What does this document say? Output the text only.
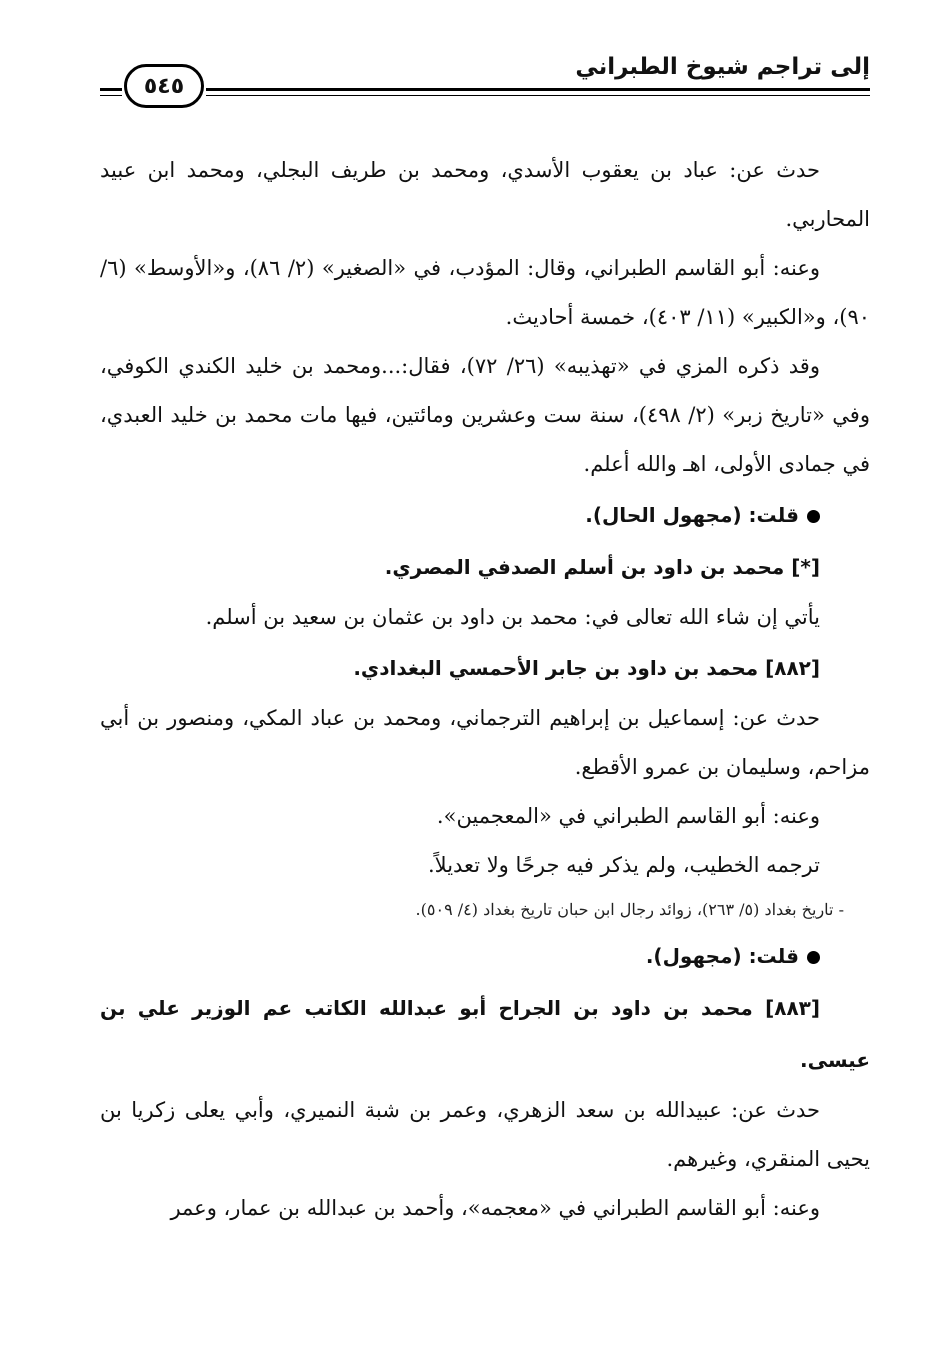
إلى تراجم شيوخ الطبراني
٥٤٥

حدث عن: عباد بن يعقوب الأسدي، ومحمد بن طريف البجلي، ومحمد ابن عبيد المحاربي.

وعنه: أبو القاسم الطبراني، وقال: المؤدب، في «الصغير» (٢/ ٨٦)، و«الأوسط» (٦/ ٩٠)، و«الكبير» (١١/ ٤٠٣)، خمسة أحاديث.

وقد ذكره المزي في «تهذيبه» (٢٦/ ٧٢)، فقال:...ومحمد بن خليد الكندي الكوفي، وفي «تاريخ زبر» (٢/ ٤٩٨)، سنة ست وعشرين ومائتين، فيها مات محمد بن خليد العبدي، في جمادى الأولى، اهـ والله أعلم.

قلت: (مجهول الحال).

[*] محمد بن داود بن أسلم الصدفي المصري.

يأتي إن شاء الله تعالى في: محمد بن داود بن عثمان بن سعيد بن أسلم.

[٨٨٢] محمد بن داود بن جابر الأحمسي البغدادي.

حدث عن: إسماعيل بن إبراهيم الترجماني، ومحمد بن عباد المكي، ومنصور بن أبي مزاحم، وسليمان بن عمرو الأقطع.

وعنه: أبو القاسم الطبراني في «المعجمين».

ترجمه الخطيب، ولم يذكر فيه جرحًا ولا تعديلاً.

- تاريخ بغداد (٥/ ٢٦٣)، زوائد رجال ابن حبان تاريخ بغداد (٤/ ٥٠٩).

قلت: (مجهول).

[٨٨٣] محمد بن داود بن الجراح أبو عبدالله الكاتب عم الوزير علي بن عيسى.

حدث عن: عبيدالله بن سعد الزهري، وعمر بن شبة النميري، وأبي يعلى زكريا بن يحيى المنقري، وغيرهم.

وعنه: أبو القاسم الطبراني في «معجمه»، وأحمد بن عبدالله بن عمار، وعمر
